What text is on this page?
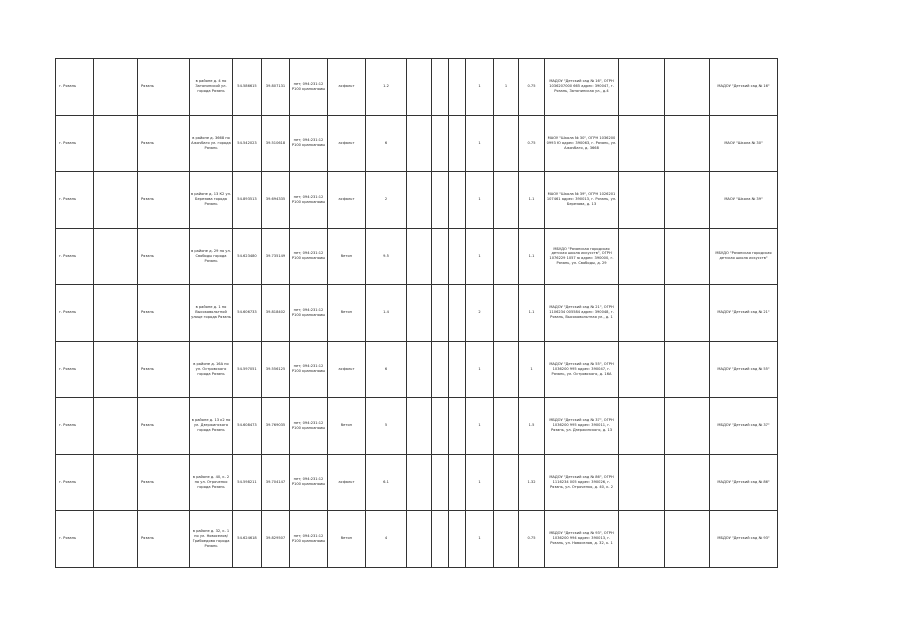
г. Рязань		Рязань	в районе д. 4 по Затонинской ул. города Рязань	54.586615	39.807131	нет; 094:231:12 Р100 кранканоиы	асфальт	1.2				1	1	0.75	МАДОУ "Детский сад № 16", ОГРН 1036207000 665 адрес: 390047, г. Рязань, Затонинская ул., д.4			МАДОУ "Детский сад № 16"
г. Рязань		Рязань	в районе д. 3668 по Ажачбаго ул. города Рязань	54.542023	39.510618	нет; 094:231:12 Р100 кранканоиы	асфальт	6				1		0.75	МАОУ "Школа № 30", ОГРН 1036200 0993 Ю адрес: 390063, г. Рязань, ул. Ажачбаго, д. 3668			МАОУ "Школа № 30"
г. Рязань		Рязань	в районе д. 13 К2 ул. Березова города Рязань	54.893513	39.694335	нет; 094:231:12 Р100 кранканоиы	асфальт	2				1		1.1	МАОУ "Школа № 39", ОГРН 1026201 107461 адрес: 390013, г. Рязань, ул. Березова, д. 13			МАОУ "Школа № 39"
г. Рязань		Рязань	в районе д. 29 по ул. Свободы города Рязань	54.623480	39.735149	нет; 094:231:12 Р100 кранканоиы	бетон	9.5				1		1.1	МБУДО "Рязанская городская детская школа искусств", ОГРН 1076229 1057 ю адрес: 390000, г. Рязань, ул. Свободы, д. 29			МБУДО "Рязанская городская детская школа искусств"
г. Рязань		Рязань	в районе д. 1 по Высоковольтной улице города Рязань	54.606733	39.818402	нет; 094:231:12 Р100 кранканоиы	бетон	1.4				2		1.1	МАДОУ "Детский сад № 21", ОГРН 1106234 005584 адрес: 390048, г. Рязань, Высоковольтная ул., д. 1			МАДОУ "Детский сад № 21"
г. Рязань		Рязань	в районе д. 16А по ул. Островского города Рязань	54.597051	39.556125	нет; 094:231:12 Р100 кранканоиы	асфальт	6				1		1	МАДОУ "Детский сад № 55", ОГРН 1036200 995 адрес: 390047, г. Рязань, ул. Островского, д. 16А			МАДОУ "Детский сад № 55"
г. Рязань		Рязань	в районе д. 13 к2 по ул. Дзержинского города Рязань	54.608473	39.769035	нет; 094:231:12 Р100 кранканоиы	бетон	5				1		1.5	МБДОУ "Детский сад № 37", ОГРН 1036200 995 адрес: 390011, г. Рязань, ул. Дзержинского, д. 13			МБДОУ "Детский сад № 37"
г. Рязань		Рязань	в районе д. 40, к. 2 по ул. Отроченко города Рязань	54.598211	39.704147	нет; 094:231:12 Р100 кранканоиы	асфальт	6.1				1		1.32	МАДОУ "Детский сад № 86", ОГРН 1116234 005 адрес: 390026, г. Рязань, ул. Отроченко, д. 40, к. 2			МАДОУ "Детский сад № 86"
г. Рязань		Рязань	в районе д. 32, к. 1 по ул. Новоселов/Грибоедова города Рязань	54.624618	39.829507	нет; 094:231:12 Р100 кранканоиы	бетон	4				1		0.75	МБДОУ "Детский сад № 93", ОГРН 1036200 994 адрес: 390013, г. Рязань, ул. Новоселов, д. 32, к. 1			МБДОУ "Детский сад № 93"
